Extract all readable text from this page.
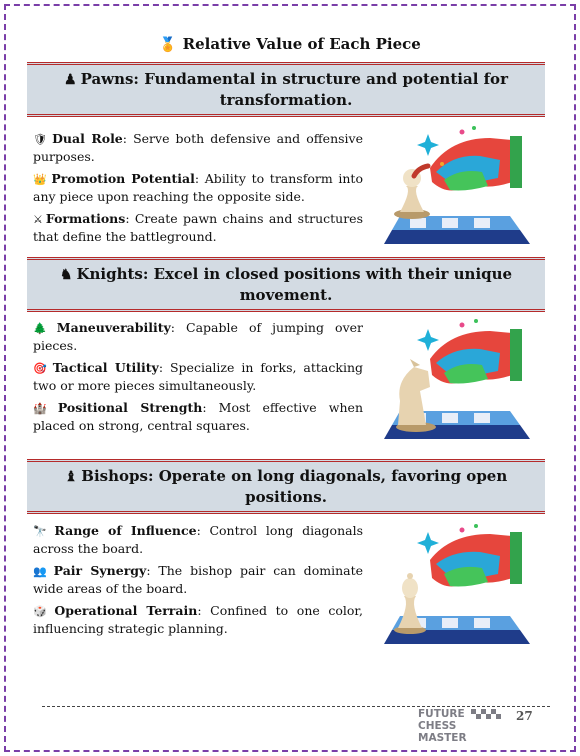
🏅 Relative Value of Each Piece
♟ Pawns: Fundamental in structure and potential for transformation.

🛡 Dual Role: Serve both defensive and offensive purposes.

👑 Promotion Potential: Ability to transform into any piece upon reaching the opposite side.

⚔ Formations: Create pawn chains and structures that define the battleground.

♞ Knights: Excel in closed positions with their unique movement.

🌲 Maneuverability: Capable of jumping over pieces.

🎯 Tactical Utility: Specialize in forks, attacking two or more pieces simultaneously.

🏰 Positional Strength: Most effective when placed on strong, central squares.

♝ Bishops: Operate on long diagonals, favoring open positions.

🔭 Range of Influence: Control long diagonals across the board.

👥 Pair Synergy: The bishop pair can dominate wide areas of the board.

🎲 Operational Terrain: Confined to one color, influencing strategic planning.

FUTURE
CHESS MASTER
27
